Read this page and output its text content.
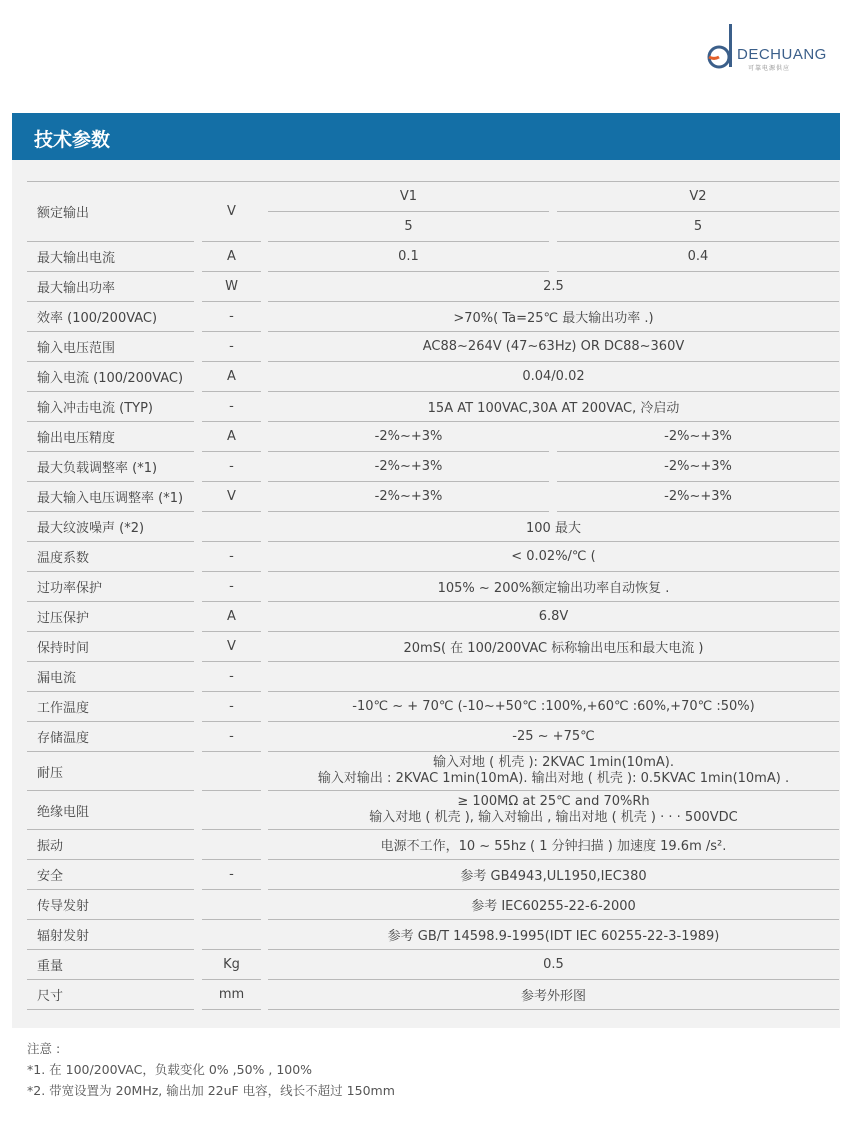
DECHUANG
可靠电源供应
技术参数
额定输出		V		V1		V2
				5		5
最大输出电流		A		0.1		0.4
最大输出功率		W		2.5		
效率 (100/200VAC)		-		>70%( Ta=25℃ 最大输出功率 .)		
输入电压范围		-		AC88~264V (47~63Hz) OR DC88~360V		
输入电流 (100/200VAC)		A		0.04/0.02		
输入冲击电流 (TYP)		-		15A AT 100VAC,30A AT 200VAC, 冷启动		
输出电压精度		A		-2%~+3%		-2%~+3%
最大负载调整率 (*1)		-		-2%~+3%		-2%~+3%
最大输入电压调整率 (*1)		V		-2%~+3%		-2%~+3%
最大纹波噪声 (*2)				100 最大		
温度系数		-		< 0.02%/℃ (		
过功率保护		-		105% ~ 200%额定输出功率自动恢复 .		
过压保护		A		6.8V		
保持时间		V		20mS( 在 100/200VAC 标称输出电压和最大电流 )		
漏电流		-				
工作温度		-		-10℃ ~ + 70℃ (-10~+50℃ :100%,+60℃ :60%,+70℃ :50%)		
存储温度		-		-25 ~ +75℃		
耐压				输入对地 ( 机壳 ): 2KVAC 1min(10mA).
输入对输出 : 2KVAC 1min(10mA). 输出对地 ( 机壳 ): 0.5KVAC 1min(10mA) .		

绝缘电阻				≥ 100MΩ at 25℃ and 70%Rh
输入对地 ( 机壳 ), 输入对输出 , 输出对地 ( 机壳 ) · · · 500VDC		

振动				电源不工作，10 ~ 55hz ( 1 分钟扫描 ) 加速度 19.6m /s².		
安全		-		参考 GB4943,UL1950,IEC380		
传导发射				参考 IEC60255-22-6-2000		
辐射发射				参考 GB/T 14598.9-1995(IDT IEC 60255-22-3-1989)		
重量		Kg		0.5		
尺寸		mm		参考外形图		
注意 :
*1. 在 100/200VAC，负载变化 0% ,50% , 100%
*2. 带宽设置为 20MHz, 输出加 22uF 电容，线长不超过 150mm
